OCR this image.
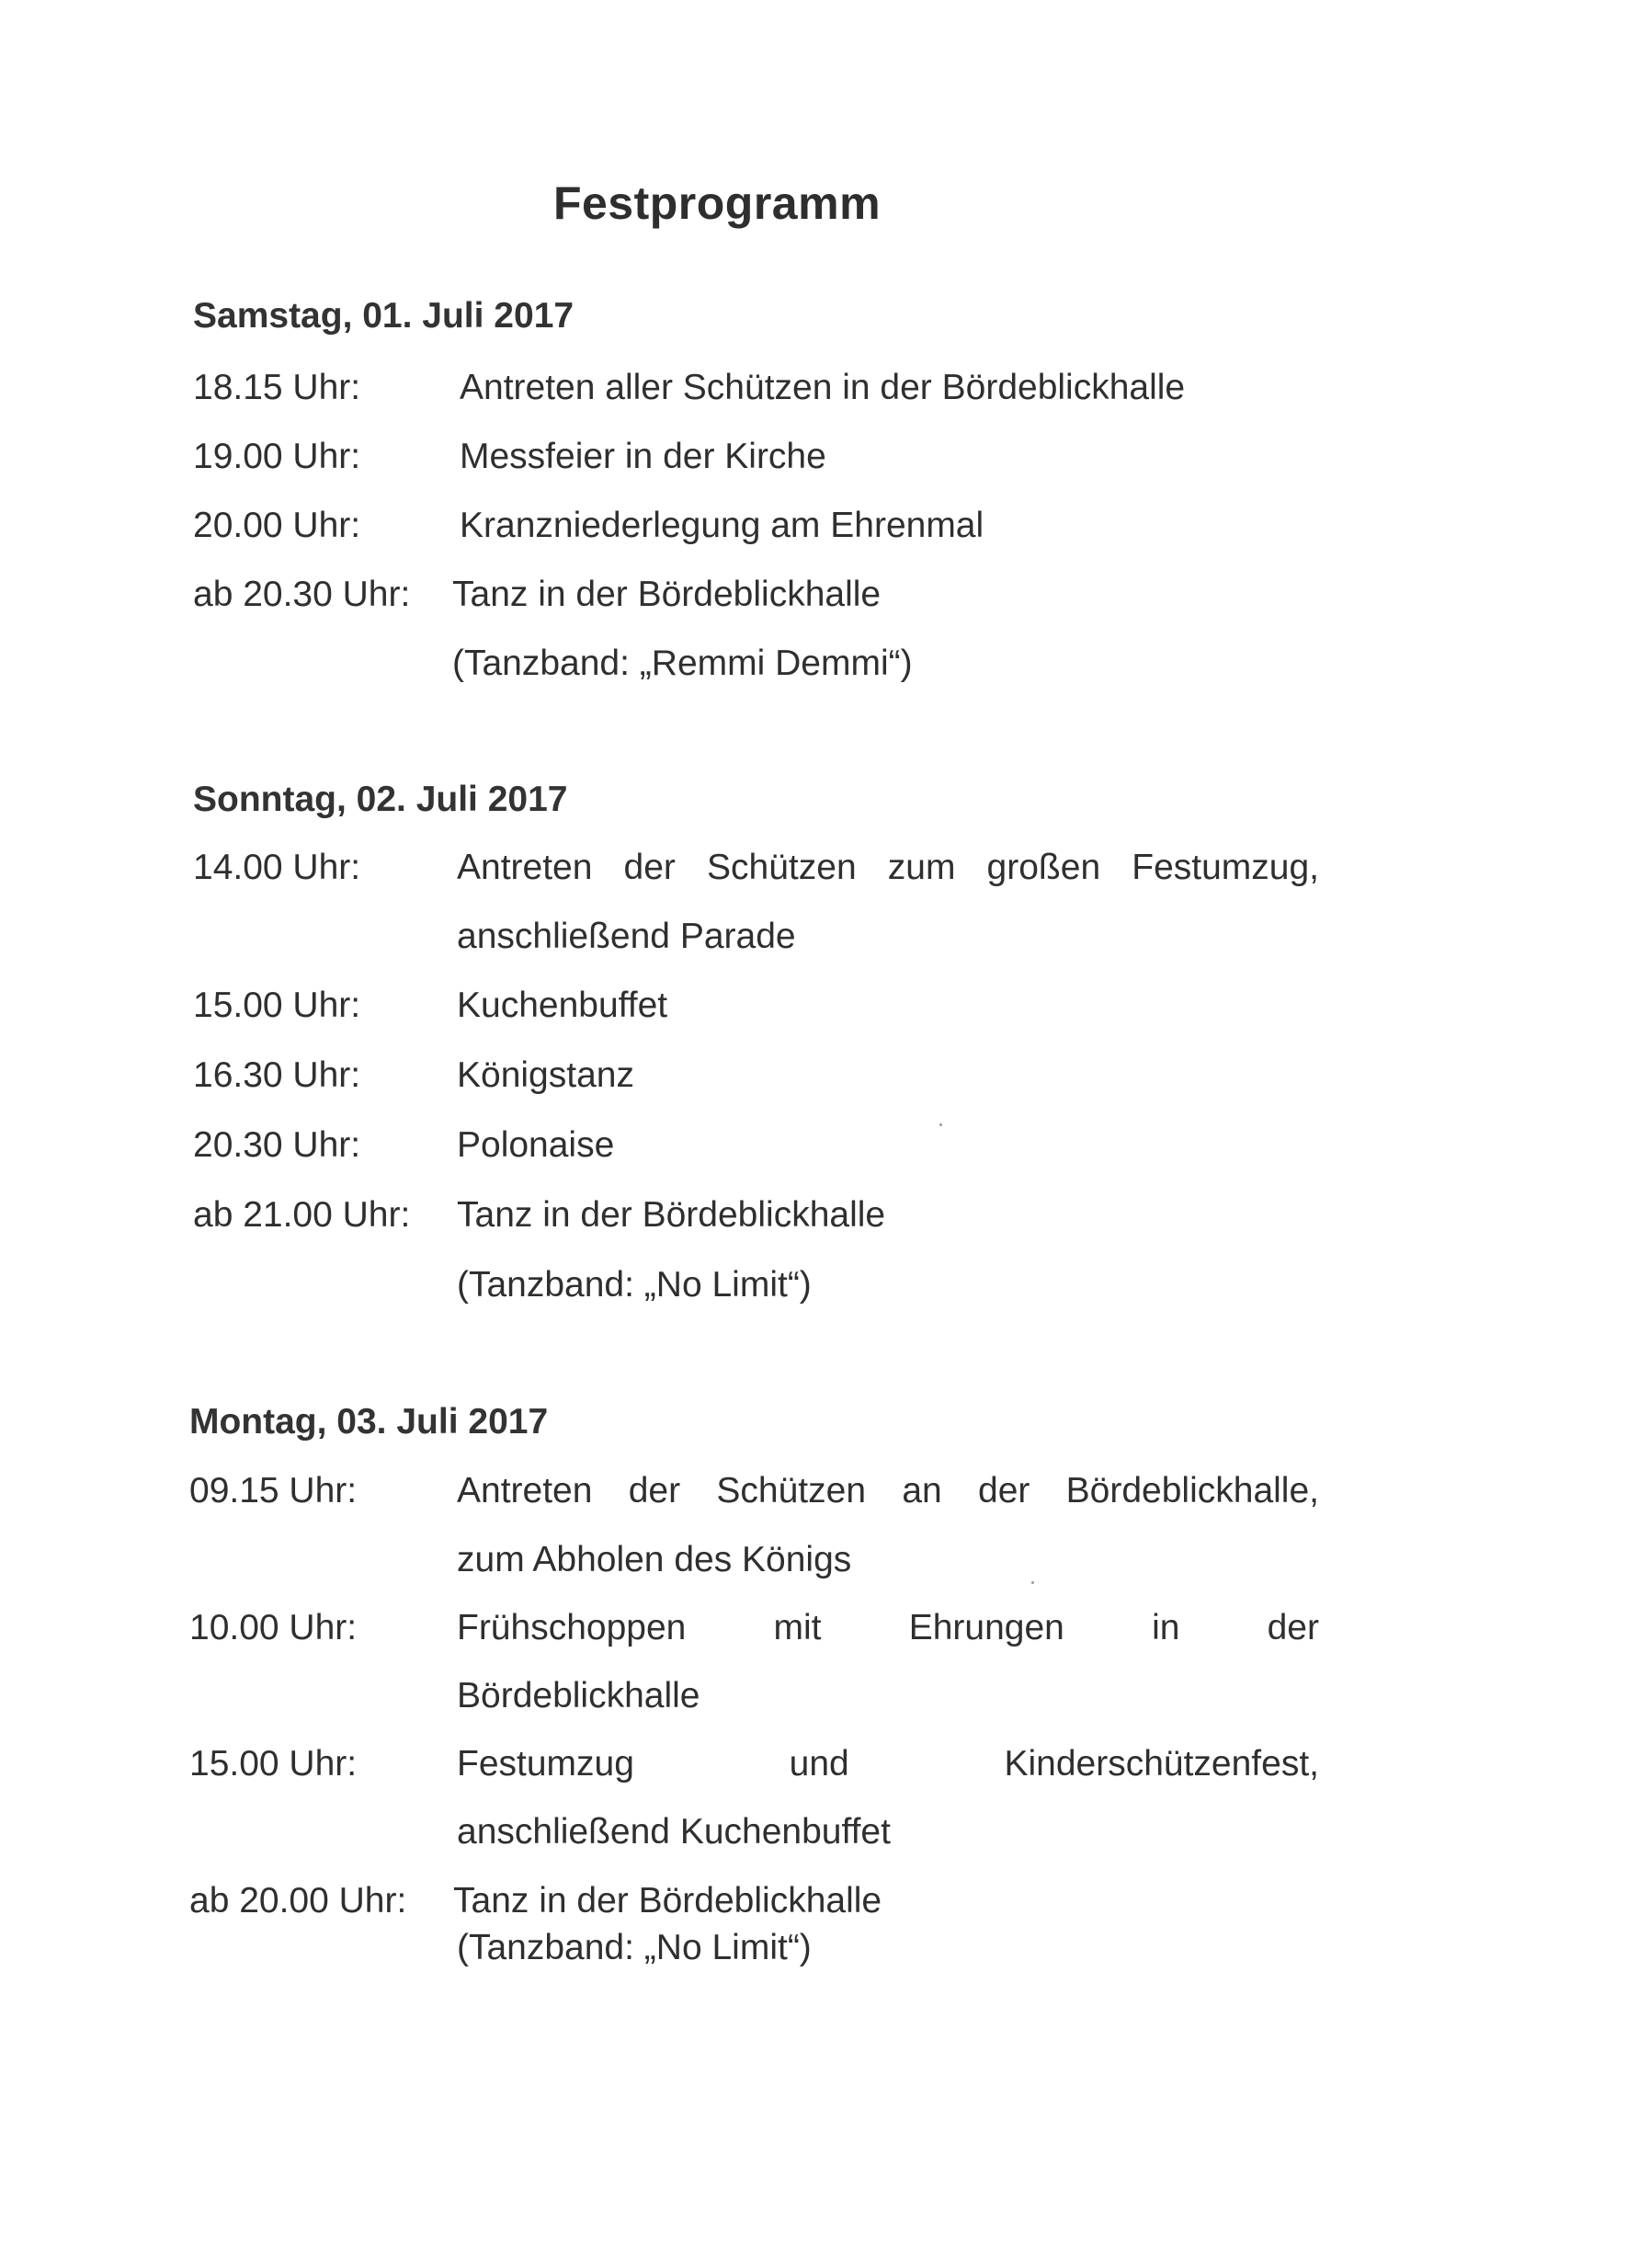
Festprogramm
Samstag, 01. Juli 2017
18.15 Uhr:	Antreten aller Schützen in der Bördeblickhalle
19.00 Uhr:	Messfeier in der Kirche
20.00 Uhr:	Kranzniederlegung am Ehrenmal
ab 20.30 Uhr: Tanz in der Bördeblickhalle
(Tanzband: „Remmi Demmi“)
Sonntag, 02. Juli 2017
14.00 Uhr:	Antreten der Schützen zum großen Festumzug,
anschließend Parade
15.00 Uhr:	Kuchenbuffet
16.30 Uhr:	Königstanz
20.30 Uhr:	Polonaise
ab 21.00 Uhr: Tanz in der Bördeblickhalle
(Tanzband: „No Limit“)
Montag, 03. Juli 2017
09.15 Uhr:	Antreten der Schützen an der Bördeblickhalle,
zum Abholen des Königs
10.00 Uhr:	Frühschoppen mit Ehrungen in der
Bördeblickhalle
15.00 Uhr:	Festumzug und Kinderschützenfest,
anschließend Kuchenbuffet
ab 20.00 Uhr: Tanz in der Bördeblickhalle
(Tanzband: „No Limit“)
